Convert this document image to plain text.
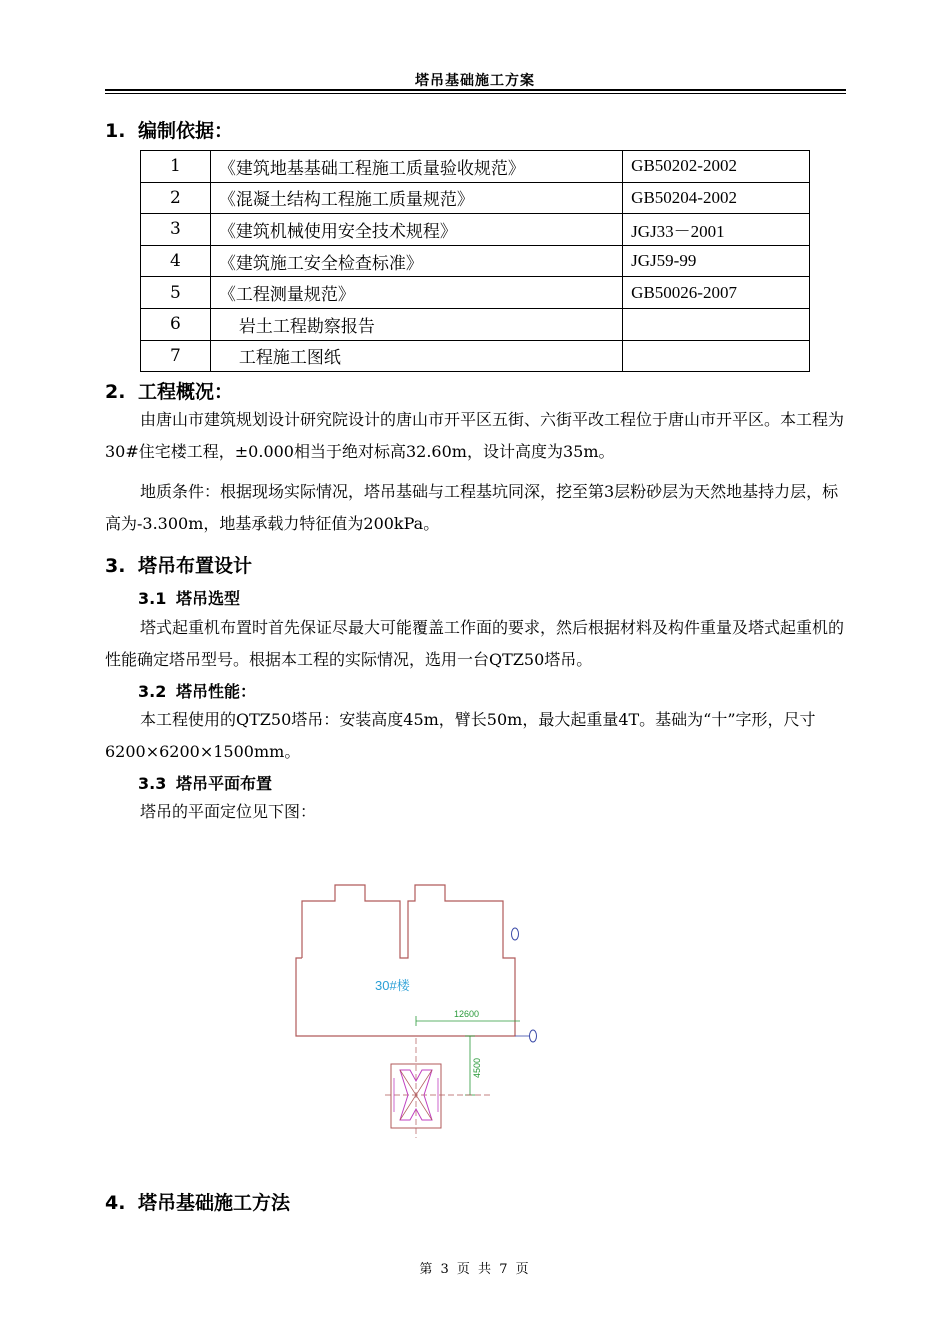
塔吊基础施工方案
1. 编制依据：
1	《建筑地基基础工程施工质量验收规范》	GB50202-2002
2	《混凝土结构工程施工质量规范》	GB50204-2002
3	《建筑机械使用安全技术规程》	JGJ33－2001
4	《建筑施工安全检查标准》	JGJ59-99
5	《工程测量规范》	GB50026-2007
6	岩土工程勘察报告	
7	工程施工图纸	
2. 工程概况：

由唐山市建筑规划设计研究院设计的唐山市开平区五街、六街平改工程位于唐山市开平区。本工程为30#住宅楼工程，±0.000相当于绝对标高32.60m，设计高度为35m。

地质条件：根据现场实际情况，塔吊基础与工程基坑同深，挖至第3层粉砂层为天然地基持力层，标高为-3.300m，地基承载力特征值为200kPa。

3. 塔吊布置设计
3.1 塔吊选型

塔式起重机布置时首先保证尽最大可能覆盖工作面的要求，然后根据材料及构件重量及塔式起重机的性能确定塔吊型号。根据本工程的实际情况，选用一台QTZ50塔吊。

3.2 塔吊性能：

本工程使用的QTZ50塔吊：安装高度45m，臂长50m，最大起重量4T。基础为“十”字形，尺寸6200×6200×1500mm。

3.3 塔吊平面布置

塔吊的平面定位见下图：

30#楼
12600
4500
4. 塔吊基础施工方法
第 3 页 共 7 页
